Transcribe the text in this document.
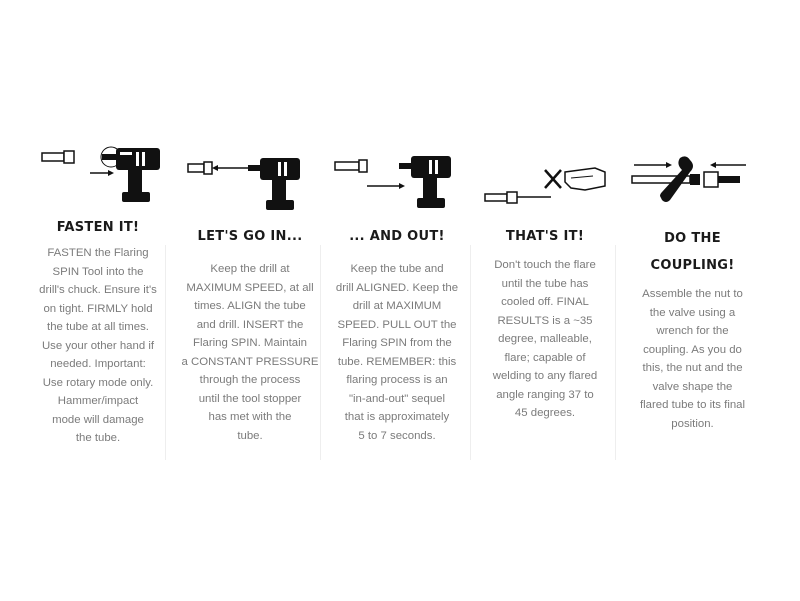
FASTEN IT!
FASTEN the Flaring
SPIN Tool into the
drill's chuck. Ensure it's
on tight. FIRMLY hold
the tube at all times.
Use your other hand if
needed. Important:
Use rotary mode only.
Hammer/impact
mode will damage
the tube.
LET'S GO IN...
Keep the drill at
MAXIMUM SPEED, at all
times. ALIGN the tube
and drill. INSERT the
Flaring SPIN. Maintain
a CONSTANT PRESSURE
through the process
until the tool stopper
has met with the
tube.
... AND OUT!
Keep the tube and
drill ALIGNED. Keep the
drill at MAXIMUM
SPEED. PULL OUT the
Flaring SPIN from the
tube. REMEMBER: this
flaring process is an
"in-and-out" sequel
that is approximately
5 to 7 seconds.
THAT'S IT!
Don't touch the flare
until the tube has
cooled off. FINAL
RESULTS is a ~35
degree, malleable,
flare; capable of
welding to any flared
angle ranging 37 to
45 degrees.
DO THE
COUPLING!
Assemble the nut to
the valve using a
wrench for the
coupling. As you do
this, the nut and the
valve shape the
flared tube to its final
position.
